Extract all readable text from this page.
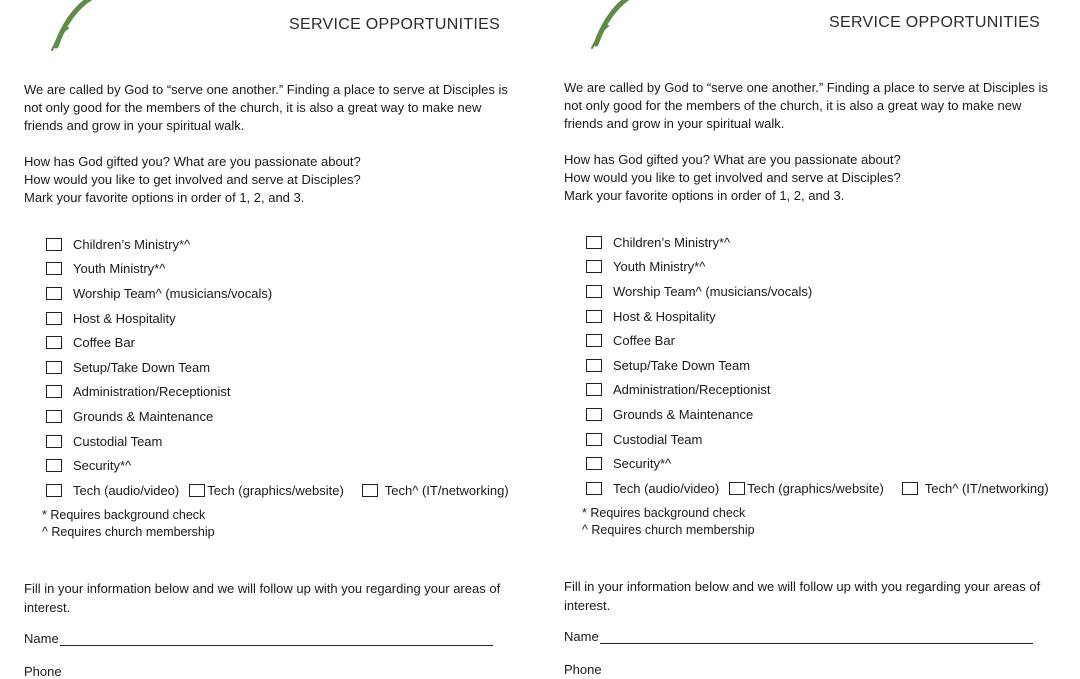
SERVICE OPPORTUNITIES
We are called by God to “serve one another.” Finding a place to serve at Disciples is not only good for the members of the church, it is also a great way to make new friends and grow in your spiritual walk.
How has God gifted you? What are you passionate about?
How would you like to get involved and serve at Disciples?
Mark your favorite options in order of 1, 2, and 3.
Children’s Ministry*^
Youth Ministry*^
Worship Team^ (musicians/vocals)
Host & Hospitality
Coffee Bar
Setup/Take Down Team
Administration/Receptionist
Grounds & Maintenance
Custodial Team
Security*^
Tech (audio/video) Tech (graphics/website)	Tech^ (IT/networking)
* Requires background check
^ Requires church membership
Fill in your information below and we will follow up with you regarding your areas of interest.
Name
Phone
SERVICE OPPORTUNITIES
We are called by God to “serve one another.” Finding a place to serve at Disciples is not only good for the members of the church, it is also a great way to make new friends and grow in your spiritual walk.
How has God gifted you? What are you passionate about?
How would you like to get involved and serve at Disciples?
Mark your favorite options in order of 1, 2, and 3.
Children’s Ministry*^
Youth Ministry*^
Worship Team^ (musicians/vocals)
Host & Hospitality
Coffee Bar
Setup/Take Down Team
Administration/Receptionist
Grounds & Maintenance
Custodial Team
Security*^
Tech (audio/video) Tech (graphics/website)	Tech^ (IT/networking)
* Requires background check
^ Requires church membership
Fill in your information below and we will follow up with you regarding your areas of interest.
Name
Phone
